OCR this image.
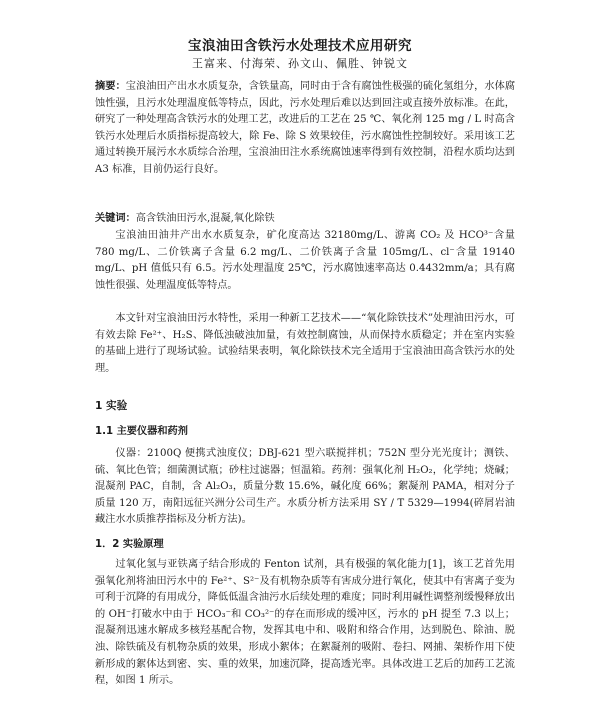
宝浪油田含铁污水处理技术应用研究
王富来、付海荣、孙文山、佩胜、钟锐文

摘要：宝浪油田产出水水质复杂，含铁量高，同时由于含有腐蚀性极强的硫化氢组分，水体腐蚀性强，且污水处理温度低等特点，因此，污水处理后难以达到回注或直接外放标准。在此，研究了一种处理高含铁污水的处理工艺，改进后的工艺在 25 ℃、氧化剂 125 mg / L 时高含铁污水处理后水质指标提高较大，除 Fe、除 S 效果较佳，污水腐蚀性控制较好。采用该工艺通过转换开展污水水质综合治理，宝浪油田注水系统腐蚀速率得到有效控制，沿程水质均达到 A3 标准，目前仍运行良好。

关键词：高含铁油田污水,混凝,氧化除铁

宝浪油田油井产出水水质复杂，矿化度高达 32180mg/L、游离 CO₂ 及 HCO³⁻含量 780 mg/L、二价铁离子含量 6.2 mg/L、二价铁离子含量 105mg/L、cl⁻含量 19140 mg/L、pH 值低只有 6.5。污水处理温度 25℃，污水腐蚀速率高达 0.4432mm/a；具有腐蚀性很强、处理温度低等特点。

本文针对宝浪油田污水特性，采用一种新工艺技术——“氧化除铁技术”处理油田污水，可有效去除 Fe²⁺、H₂S、降低浊破浊加量，有效控制腐蚀，从而保持水质稳定；并在室内实验的基础上进行了现场试验。试验结果表明，氧化除铁技术完全适用于宝浪油田高含铁污水的处理。

1 实验
1.1 主要仪器和药剂

仪器：2100Q 便携式浊度仪；DBJ-621 型六联搅拌机；752N 型分光光度计；测铁、硫、氧比色管；细菌测试瓶；砂柱过滤器；恒温箱。药剂：强氧化剂 H₂O₂，化学纯；烧碱；混凝剂 PAC，自制，含 Al₂O₃，质量分数 15.6%，碱化度 66%；絮凝剂 PAMA，相对分子质量 120 万，南阳远征兴洲分公司生产。水质分析方法采用 SY / T 5329—1994(碎屑岩油藏注水水质推荐指标及分析方法)。

1．2 实验原理

过氧化氢与亚铁离子结合形成的 Fenton 试剂，具有极强的氧化能力[1]，该工艺首先用强氧化剂将油田污水中的 Fe²⁺、S²⁻及有机物杂质等有害成分进行氧化，使其中有害离子变为可利于沉降的有用成分，降低低温含油污水后续处理的难度；同时利用碱性调整剂缓慢释放出的 OH⁻打破水中由于 HCO₃⁻和 CO₃²⁻的存在而形成的缓冲区，污水的 pH 提至 7.3 以上；混凝剂迅速水解成多核羟基配合物，发挥其电中和、吸附和络合作用，达到脱色、除油、脱浊、除铁硫及有机物杂质的效果，形成小絮体；在絮凝剂的吸附、卷扫、网捕、架桥作用下使新形成的絮体达到密、实、重的效果，加速沉降，提高透光率。具体改进工艺后的加药工艺流程，如图 1 所示。
